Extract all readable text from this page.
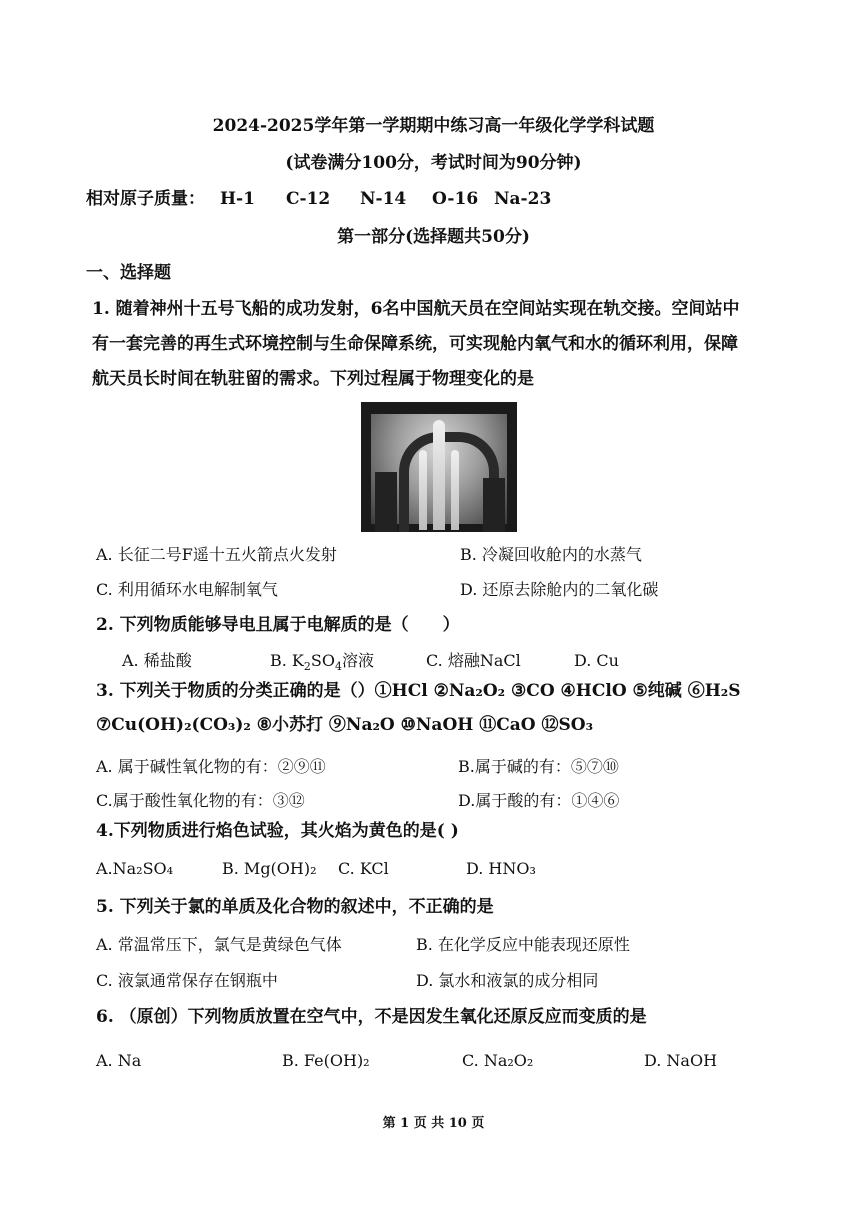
2024-2025学年第一学期期中练习高一年级化学学科试题
(试卷满分100分，考试时间为90分钟)
相对原子质量： H-1 C-12 N-14 O-16 Na-23
第一部分(选择题共50分)
一、选择题
1. 随着神州十五号飞船的成功发射，6名中国航天员在空间站实现在轨交接。空间站中
有一套完善的再生式环境控制与生命保障系统，可实现舱内氧气和水的循环利用，保障
航天员长时间在轨驻留的需求。下列过程属于物理变化的是
A. 长征二号F遥十五火箭点火发射	B. 冷凝回收舱内的水蒸气
C. 利用循环水电解制氧气	D. 还原去除舱内的二氧化碳
2. 下列物质能够导电且属于电解质的是（　　）
A. 稀盐酸	B. $K_2SO_4$溶液	C. 熔融NaCl	D. Cu
3. 下列关于物质的分类正确的是（）①HCl ②Na₂O₂ ③CO ④HClO ⑤纯碱 ⑥H₂S
⑦Cu(OH)₂(CO₃)₂ ⑧小苏打 ⑨Na₂O ⑩NaOH ⑪CaO ⑫SO₃
A. 属于碱性氧化物的有：②⑨⑪	B.属于碱的有：⑤⑦⑩
C.属于酸性氧化物的有：③⑫	D.属于酸的有：①④⑥
4.下列物质进行焰色试验，其火焰为黄色的是( )
A.Na₂SO₄	B. Mg(OH)₂ C. KCl	D. HNO₃
5. 下列关于氯的单质及化合物的叙述中，不正确的是
A. 常温常压下，氯气是黄绿色气体	B. 在化学反应中能表现还原性
C. 液氯通常保存在钢瓶中	D. 氯水和液氯的成分相同
6. （原创）下列物质放置在空气中，不是因发生氧化还原反应而变质的是
A. Na	B. Fe(OH)₂	C. Na₂O₂	D. NaOH
第 1 页 共 10 页
